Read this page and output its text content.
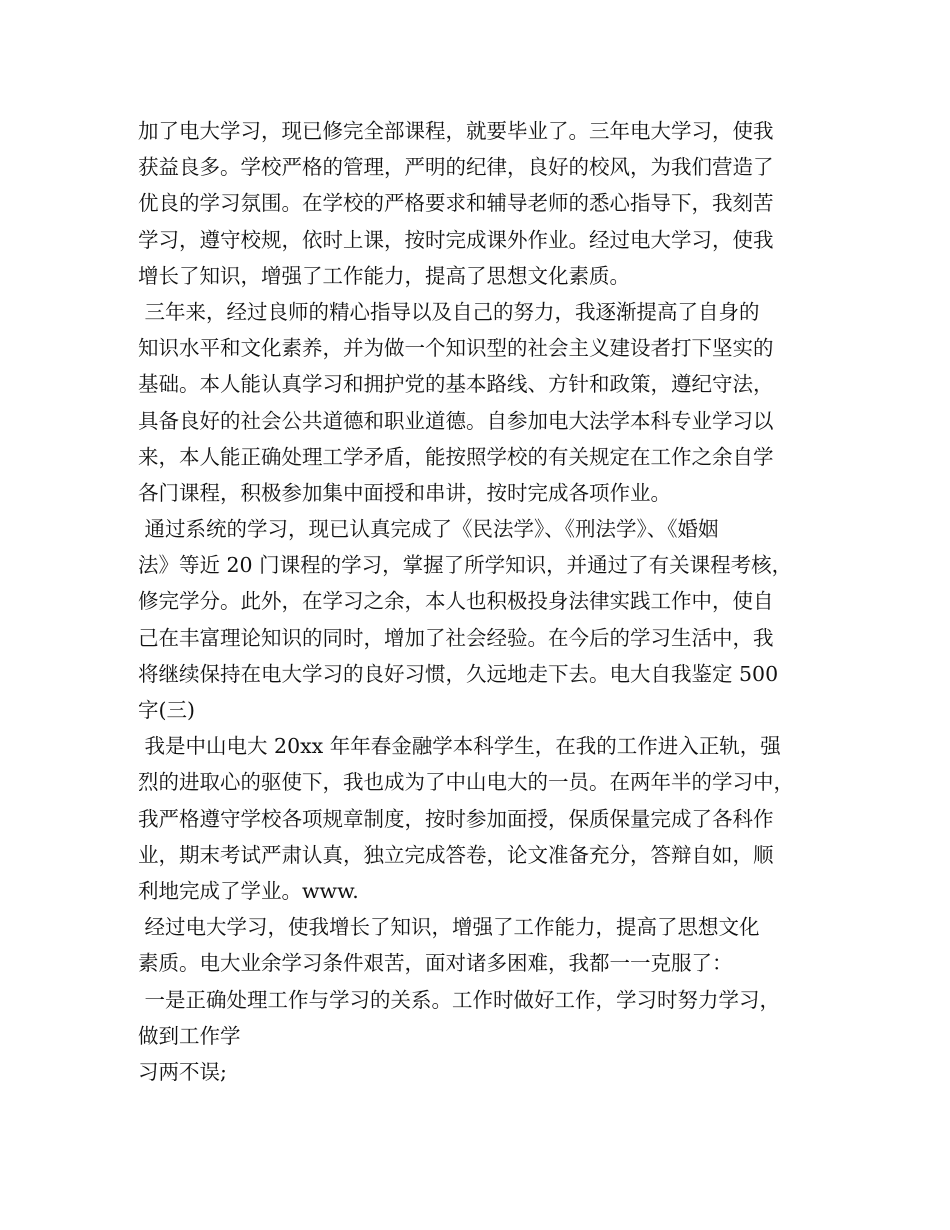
加了电大学习，现已修完全部课程，就要毕业了。三年电大学习，使我
获益良多。学校严格的管理，严明的纪律，良好的校风，为我们营造了
优良的学习氛围。在学校的严格要求和辅导老师的悉心指导下，我刻苦
学习，遵守校规，依时上课，按时完成课外作业。经过电大学习，使我
增长了知识，增强了工作能力，提高了思想文化素质。
三年来，经过良师的精心指导以及自己的努力，我逐渐提高了自身的
知识水平和文化素养，并为做一个知识型的社会主义建设者打下坚实的
基础。本人能认真学习和拥护党的基本路线、方针和政策，遵纪守法，
具备良好的社会公共道德和职业道德。自参加电大法学本科专业学习以
来，本人能正确处理工学矛盾，能按照学校的有关规定在工作之余自学
各门课程，积极参加集中面授和串讲，按时完成各项作业。
通过系统的学习，现已认真完成了《民法学》、《刑法学》、《婚姻
法》等近 20 门课程的学习，掌握了所学知识，并通过了有关课程考核，
修完学分。此外，在学习之余，本人也积极投身法律实践工作中，使自
己在丰富理论知识的同时，增加了社会经验。在今后的学习生活中，我
将继续保持在电大学习的良好习惯，久远地走下去。电大自我鉴定 500
字(三)
我是中山电大 20xx 年年春金融学本科学生，在我的工作进入正轨，强
烈的进取心的驱使下，我也成为了中山电大的一员。在两年半的学习中，
我严格遵守学校各项规章制度，按时参加面授，保质保量完成了各科作
业，期末考试严肃认真，独立完成答卷，论文准备充分，答辩自如，顺
利地完成了学业。www.
经过电大学习，使我增长了知识，增强了工作能力，提高了思想文化
素质。电大业余学习条件艰苦，面对诸多困难，我都一一克服了：
一是正确处理工作与学习的关系。工作时做好工作，学习时努力学习，
做到工作学
习两不误;
